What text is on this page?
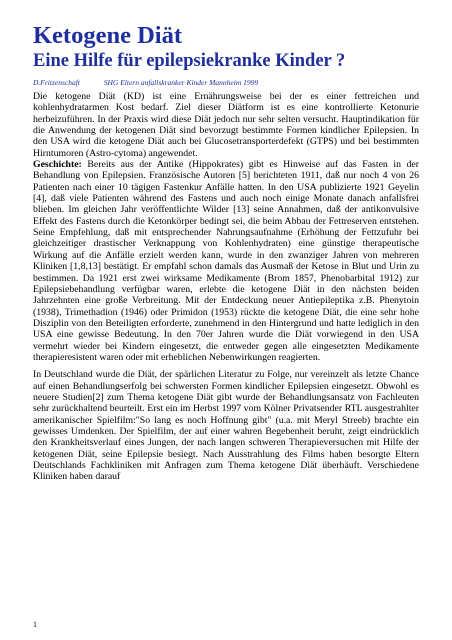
Ketogene Diät
Eine Hilfe für epilepsiekranke Kinder ?
D.Fritzenschaft	SHG Eltern anfallskranker Kinder Mannheim 1999

Die ketogene Diät (KD) ist eine Ernährungsweise bei der es einer fettreichen und kohlenhydratarmen Kost bedarf. Ziel dieser Diätform ist es eine kontrollierte Ketonurie herbeizuführen. In der Praxis wird diese Diät jedoch nur sehr selten versucht. Hauptindikation für die Anwendung der ketogenen Diät sind bevorzugt bestimmte Formen kindlicher Epilepsien. In den USA wird die ketogene Diät auch bei Glucosetransporterdefekt (GTPS) und bei bestimmten Hirntumoren (Astro-cytoma) angewendet.

Geschichte: Bereits aus der Antike (Hippokrates) gibt es Hinweise auf das Fasten in der Behandlung von Epilepsien. Französische Autoren [5] berichteten 1911, daß nur noch 4 von 26 Patienten nach einer 10 tägigen Fastenkur Anfälle hatten. In den USA publizierte 1921 Geyelin [4], daß viele Patienten während des Fastens und auch noch einige Monate danach anfallsfrei blieben. Im gleichen Jahr veröffentlichte Wilder [13] seine Annahmen, daß der antikonvulsive Effekt des Fastens durch die Ketonkörper bedingt sei, die beim Abbau der Fettreserven entstehen. Seine Empfehlung, daß mit entsprechender Nahrungsaufnahme (Erhöhung der Fettzufuhr bei gleichzeitiger drastischer Verknappung von Kohlenhydraten) eine günstige therapeutische Wirkung auf die Anfälle erzielt werden kann, wurde in den zwanziger Jahren von mehreren Kliniken [1,8,13] bestätigt. Er empfahl schon damals das Ausmaß der Ketose in Blut und Urin zu bestimmen. Da 1921 erst zwei wirksame Medikamente (Brom 1857, Phenobarbital 1912) zur Epilepsiebehandlung verfügbar waren, erlebte die ketogene Diät in den nächsten beiden Jahrzehnten eine große Verbreitung. Mit der Entdeckung neuer Antiepileptika z.B. Phenytoin (1938), Trimethadion (1946) oder Primidon (1953) rückte die ketogene Diät, die eine sehr hohe Disziplin von den Beteiligten erforderte, zunehmend in den Hintergrund und hatte lediglich in den USA eine gewisse Bedeutung. In den 70er Jahren wurde die Diät vorwiegend in den USA vermehrt wieder bei Kindern eingesetzt, die entweder gegen alle eingesetzten Medikamente therapieresistent waren oder mit erheblichen Nebenwirkungen reagierten.

In Deutschland wurde die Diät, der spärlichen Literatur zu Folge, nur vereinzelt als letzte Chance auf einen Behandlungserfolg bei schwersten Formen kindlicher Epilepsien eingesetzt. Obwohl es neuere Studien[2] zum Thema ketogene Diät gibt wurde der Behandlungsansatz von Fachleuten sehr zurückhaltend beurteilt. Erst ein im Herbst 1997 vom Kölner Privatsender RTL ausgestrahlter amerikanischer Spielfilm:"So lang es noch Hoffnung gibt" (u.a. mit Meryl Streeb) brachte ein gewisses Umdenken. Der Spielfilm, der auf einer wahren Begebenheit beruht, zeigt eindrücklich den Krankheitsverlauf eines Jungen, der nach langen schweren Therapieversuchen mit Hilfe der ketogenen Diät, seine Epilepsie besiegt. Nach Ausstrahlung des Films haben besorgte Eltern Deutschlands Fachkliniken mit Anfragen zum Thema ketogene Diät überhäuft. Verschiedene Kliniken haben darauf

1
